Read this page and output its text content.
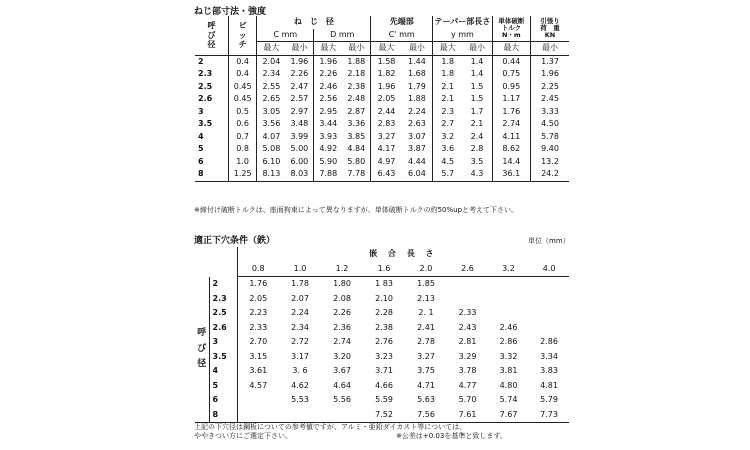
ねじ部寸法・強度
呼
び
径	ピ
ッ
チ	ね　じ　径				先端部		テーパー部長さ		単体破断
トルク
N・m	引張り
荷　重
KN
		C mm		D mm		C' mm		y mm			
		最大	最小	最大	最小	最大	最小	最大	最小	最大	最小
2	0.4	2.04	1.96	1.96	1.88	1.58	1.44	1.8	1.4	0.44	1.37
2.3	0.4	2.34	2.26	2.26	2.18	1.82	1.68	1.8	1.4	0.75	1.96
2.5	0.45	2.55	2.47	2.46	2.38	1.96	1.79	2.1	1.5	0.95	2.25
2.6	0.45	2.65	2.57	2.56	2.48	2.05	1.88	2.1	1.5	1.17	2.45
3	0.5	3.05	2.97	2.95	2.87	2.44	2.24	2.3	1.7	1.76	3.33
3.5	0.6	3.56	3.48	3.44	3.36	2.83	2.63	2.7	2.1	2.74	4.50
4	0.7	4.07	3.99	3.93	3.85	3.27	3.07	3.2	2.4	4.11	5.78
5	0.8	5.08	5.00	4.92	4.84	4.17	3.87	3.6	2.8	8.62	9.40
6	1.0	6.10	6.00	5.90	5.80	4.97	4.44	4.5	3.5	14.4	13.2
8	1.25	8.13	8.03	7.88	7.78	6.43	6.04	5.7	4.3	36.1	24.2
※締付け破断トルクは、座面拘束によって異なりますが、単体破断トルクの約50%upと考えて下さい。
適正下穴条件（鉄）	単位（mm）
		嵌 合 長 さ							
		0.8	1.0	1.2	1.6	2.0	2.6	3.2	4.0
呼
び
径	2	1.76	1.78	1.80	1 83	1.85			
	2.3	2.05	2.07	2.08	2.10	2.13			
	2.5	2.23	2.24	2.26	2.28	2. 1	2.33		
	2.6	2.33	2.34	2.36	2.38	2.41	2.43	2.46	
	3	2.70	2.72	2.74	2.76	2.78	2.81	2.86	2.86
	3.5	3.15	3.17	3.20	3.23	3.27	3.29	3.32	3.34
	4	3.61	3. 6	3.67	3.71	3.75	3.78	3.81	3.83
	5	4.57	4.62	4.64	4.66	4.71	4.77	4.80	4.81
	6		5.53	5.56	5.59	5.63	5.70	5.74	5.79
	8				7.52	7.56	7.61	7.67	7.73
上記の下穴径は鋼板についての参考値ですが、アルミ・亜鉛ダイカスト等については、
ややきつい方にご選定下さい。	※公差は+0.03を基準と致します。
